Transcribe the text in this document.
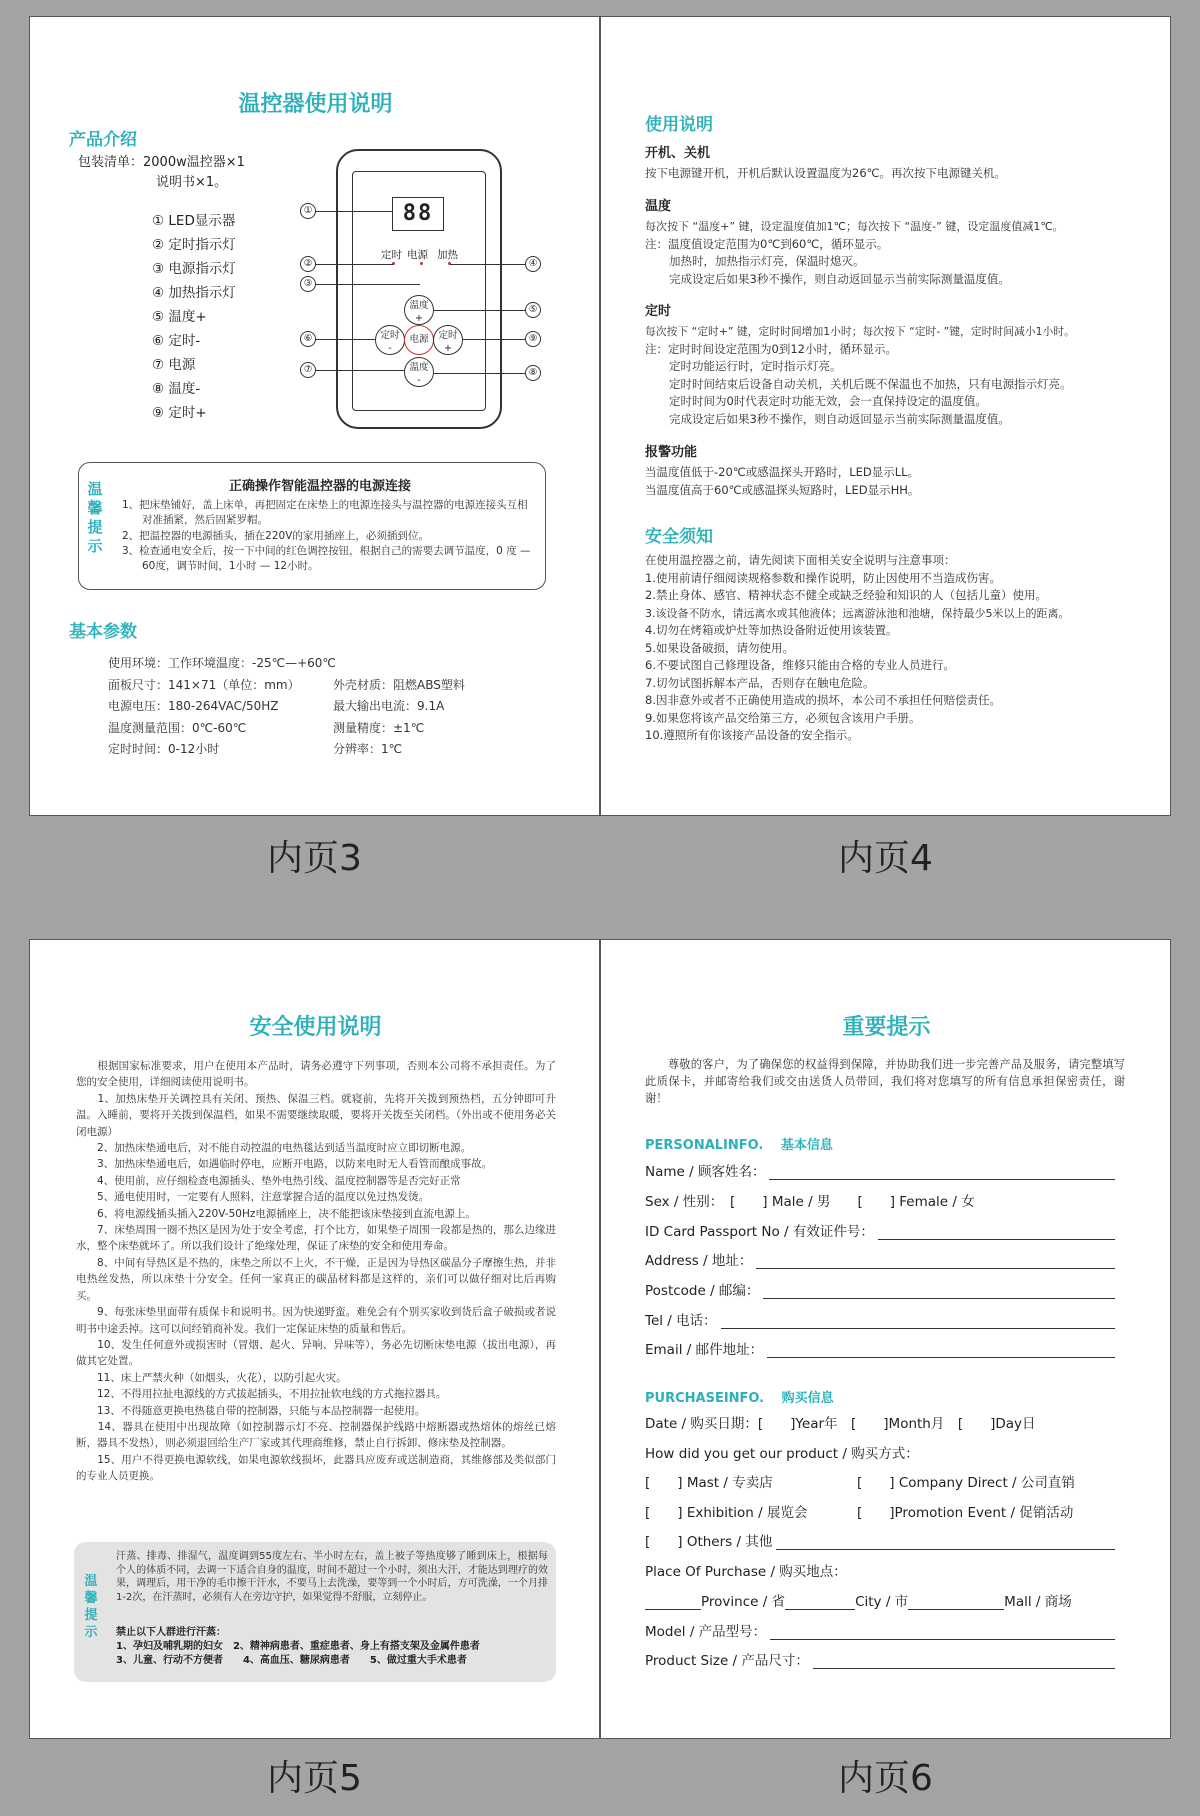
温控器使用说明
产品介绍
包装清单：2000w温控器×1
说明书×1。
① LED显示器
② 定时指示灯
③ 电源指示灯
④ 加热指示灯
⑤ 温度+
⑥ 定时-
⑦ 电源
⑧ 温度-
⑨ 定时+
88
定时 电源 加热
温度
+
定时
-
电源	定时
+
温度
-
①
②
③
④
⑤
⑥
⑦	⑧
⑨
温
馨
提
示
正确操作智能温控器的电源连接
1、把床垫铺好，盖上床单，再把固定在床垫上的电源连接头与温控器的电源连接头互相对准插紧，然后固紧罗帽。
2、把温控器的电源插头，插在220V的家用插座上，必须插到位。
3、检查通电安全后，按一下中间的红色调控按钮，根据自己的需要去调节温度，0 度 — 60度，调节时间，1小时 — 12小时。
基本参数
使用环境：工作环境温度：-25℃—+60℃
面板尺寸：141×71（单位：mm）	外壳材质：阻燃ABS塑料
电源电压：180-264VAC/50HZ	最大输出电流：9.1A
温度测量范围：0℃-60℃	测量精度：±1℃
定时时间：0-12小时	分辨率：1℃
使用说明
开机、关机
按下电源键开机，开机后默认设置温度为26℃。再次按下电源键关机。
温度
每次按下 “温度+” 键，设定温度值加1℃；每次按下 “温度-” 键，设定温度值减1℃。
注：温度值设定范围为0℃到60℃，循环显示。
加热时，加热指示灯亮，保温时熄灭。
完成设定后如果3秒不操作，则自动返回显示当前实际测量温度值。
定时
每次按下 “定时+” 键，定时时间增加1小时；每次按下 “定时- ”键，定时时间减小1小时。
注：定时时间设定范围为0到12小时，循环显示。
定时功能运行时，定时指示灯亮。
定时时间结束后设备自动关机，关机后既不保温也不加热，只有电源指示灯亮。
定时时间为0时代表定时功能无效，会一直保持设定的温度值。
完成设定后如果3秒不操作，则自动返回显示当前实际测量温度值。
报警功能
当温度值低于-20℃或感温探头开路时，LED显示LL。
当温度值高于60℃或感温探头短路时，LED显示HH。
安全须知
在使用温控器之前，请先阅读下面相关安全说明与注意事项：
1.使用前请仔细阅读规格参数和操作说明，防止因使用不当造成伤害。
2.禁止身体、感官、精神状态不健全或缺乏经验和知识的人（包括儿童）使用。
3.该设备不防水，请远离水或其他液体；远离游泳池和池塘，保持最少5米以上的距离。
4.切勿在烤箱或炉灶等加热设备附近使用该装置。
5.如果设备破损，请勿使用。
6.不要试图自己修理设备，维修只能由合格的专业人员进行。
7.切勿试图拆解本产品，否则存在触电危险。
8.因非意外或者不正确使用造成的损坏，本公司不承担任何赔偿责任。
9.如果您将该产品交给第三方，必须包含该用户手册。
10.遵照所有你该接产品设备的安全指示。
安全使用说明
　　根据国家标准要求，用户在使用本产品时，请务必遵守下列事项，否则本公司将不承担责任。为了您的安全使用，详细阅读使用说明书。
　　1、加热床垫开关调控具有关闭、预热、保温三档。就寝前，先将开关拨到预热档，五分钟即可升温。入睡前，要将开关拨到保温档，如果不需要继续取暖，要将开关拨至关闭档。（外出或不使用务必关闭电源）
　　2、加热床垫通电后，对不能自动控温的电热毯达到适当温度时应立即切断电源。
　　3、加热床垫通电后，如遇临时停电，应断开电路，以防来电时无人看管而酿成事故。
　　4、使用前，应仔细检查电源插头、垫外电热引线、温度控制器等是否完好正常
　　5、通电使用时，一定要有人照料，注意掌握合适的温度以免过热发烫。
　　6、将电源线插头插入220V-50Hz电源插座上，决不能把该床垫接到直流电源上。
　　7、床垫周围一圈不热区是因为处于安全考虑，打个比方，如果垫子周围一段都是热的，那么边缘进水，整个床垫就坏了。所以我们设计了绝缘处理，保证了床垫的安全和使用寿命。
　　8、中间有导热区是不热的，床垫之所以不上火，不干燥，正是因为导热区碳晶分子摩擦生热，并非电热丝发热，所以床垫十分安全。任何一家真正的碳晶材料都是这样的，亲们可以做仔细对比后再购买。
　　9、每张床垫里面带有质保卡和说明书。因为快递野蛮。难免会有个别买家收到货后盒子破损或者说明书中途丢掉。这可以问经销商补发。我们一定保证床垫的质量和售后。
　　10、发生任何意外或损害时（冒烟、起火、异响、异味等），务必先切断床垫电源（拔出电源），再做其它处置。
　　11、床上严禁火种（如烟头，火花），以防引起火灾。
　　12、不得用拉扯电源线的方式拔起插头，不用拉扯软电线的方式拖拉器具。
　　13、不得随意更换电热毯自带的控制器，只能与本品控制器一起使用。
　　14、器具在使用中出现故障（如控制器示灯不亮、控制器保护线路中熔断器或热熔体的熔丝已熔断，器具不发热），则必须退回给生产厂家或其代理商维修，禁止自行拆卸、修床垫及控制器。
　　15、用户不得更换电源软线，如果电源软线损坏，此器具应废弃或送制造商，其维修部及类似部门的专业人员更换。
温
馨
提
示
汗蒸、排毒、排湿气，温度调到55度左右、半小时左右，盖上被子等热度够了睡到床上，根据每个人的体质不同，去调一下适合自身的温度，时间不超过一个小时，须出大汗，才能达到理疗的效果，调理后，用干净的毛巾擦干汗水，不要马上去洗澡，要等到一个小时后，方可洗澡，一个月排1-2次，在汗蒸时，必须有人在旁边守护，如果觉得不舒服，立刻停止。
禁止以下人群进行汗蒸：
1、孕妇及哺乳期的妇女　2、精神病患者、重症患者、身上有搭支架及金属件患者
3、儿童、行动不方便者　　4、高血压、糖尿病患者　　5、做过重大手术患者
重要提示
　　尊敬的客户，为了确保您的权益得到保障，并协助我们进一步完善产品及服务，请完整填写此质保卡，并邮寄给我们或交由送货人员带回，我们将对您填写的所有信息承担保密责任，谢谢！
PERSONALINFO.　 基本信息
Name / 顾客姓名：
Sex / 性别：　[　　] Male / 男　　[　　] Female / 女
ID Card Passport No / 有效证件号：
Address / 地址：
Postcode / 邮编：
Tel / 电话：
Email / 邮件地址：
PURCHASEINFO.　 购买信息
Date / 购买日期：[　　]Year年　[　　]Month月　[　　]Day日
How did you get our product / 购买方式：
[　　] Mast / 专卖店	[　　] Company Direct / 公司直销
[　　] Exhibition / 展览会	[　　]Promotion Event / 促销活动
[　　] Others / 其他
Place Of Purchase / 购买地点：
Province / 省	City / 市	Mall / 商场
Model / 产品型号：
Product Size / 产品尺寸：
内页3	内页4
内页5	内页6
